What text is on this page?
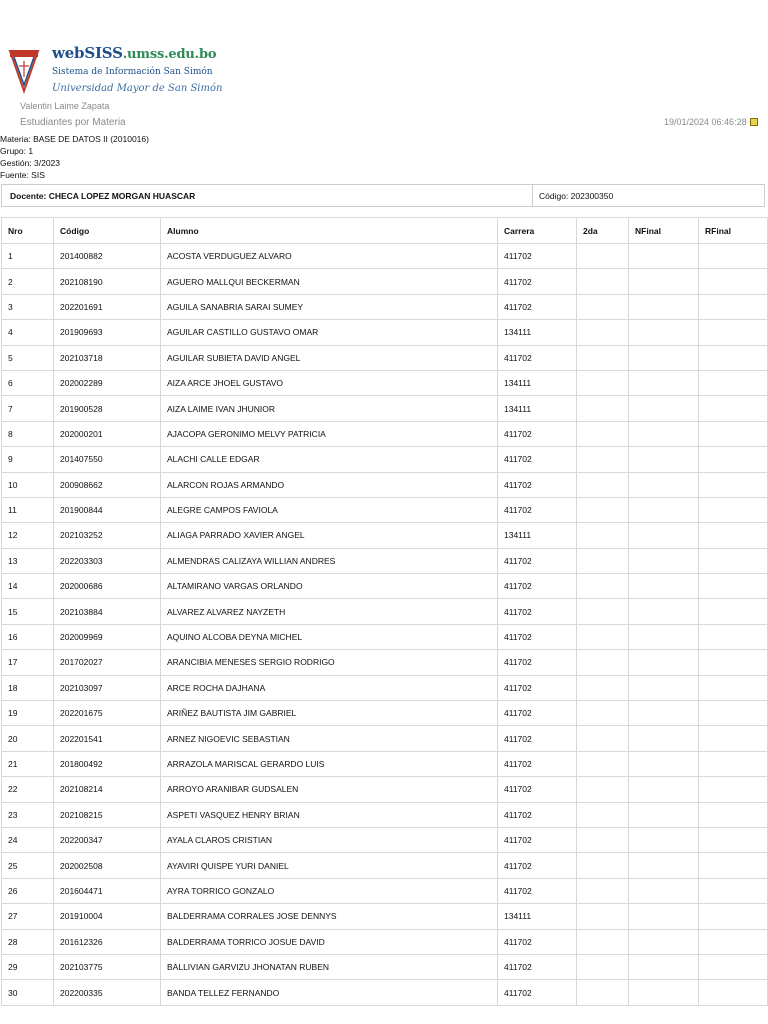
webSISS.umss.edu.bo
Sistema de Información San Simón
Universidad Mayor de San Simón
Valentin Laime Zapata
Estudiantes por Materia	19/01/2024 06:46:28
Materia: BASE DE DATOS II (2010016)
Grupo: 1
Gestión: 3/2023
Fuente: SIS
Docente: CHECA LOPEZ MORGAN HUASCAR	Código: 202300350
Nro	Código	Alumno	Carrera	2da	NFinal	RFinal
1	201400882	ACOSTA VERDUGUEZ ALVARO	411702			
2	202108190	AGUERO MALLQUI BECKERMAN	411702			
3	202201691	AGUILA SANABRIA SARAI SUMEY	411702			
4	201909693	AGUILAR CASTILLO GUSTAVO OMAR	134111			
5	202103718	AGUILAR SUBIETA DAVID ANGEL	411702			
6	202002289	AIZA ARCE JHOEL GUSTAVO	134111			
7	201900528	AIZA LAIME IVAN JHUNIOR	134111			
8	202000201	AJACOPA GERONIMO MELVY PATRICIA	411702			
9	201407550	ALACHI CALLE EDGAR	411702			
10	200908662	ALARCON ROJAS ARMANDO	411702			
11	201900844	ALEGRE CAMPOS FAVIOLA	411702			
12	202103252	ALIAGA PARRADO XAVIER ANGEL	134111			
13	202203303	ALMENDRAS CALIZAYA WILLIAN ANDRES	411702			
14	202000686	ALTAMIRANO VARGAS ORLANDO	411702			
15	202103884	ALVAREZ ALVAREZ NAYZETH	411702			
16	202009969	AQUINO ALCOBA DEYNA MICHEL	411702			
17	201702027	ARANCIBIA MENESES SERGIO RODRIGO	411702			
18	202103097	ARCE ROCHA DAJHANA	411702			
19	202201675	ARIÑEZ BAUTISTA JIM GABRIEL	411702			
20	202201541	ARNEZ NIGOEVIC SEBASTIAN	411702			
21	201800492	ARRAZOLA MARISCAL GERARDO LUIS	411702			
22	202108214	ARROYO ARANIBAR GUDSALEN	411702			
23	202108215	ASPETI VASQUEZ HENRY BRIAN	411702			
24	202200347	AYALA CLAROS CRISTIAN	411702			
25	202002508	AYAVIRI QUISPE YURI DANIEL	411702			
26	201604471	AYRA TORRICO GONZALO	411702			
27	201910004	BALDERRAMA CORRALES JOSE DENNYS	134111			
28	201612326	BALDERRAMA TORRICO JOSUE DAVID	411702			
29	202103775	BALLIVIAN GARVIZU JHONATAN RUBEN	411702			
30	202200335	BANDA TELLEZ FERNANDO	411702			
